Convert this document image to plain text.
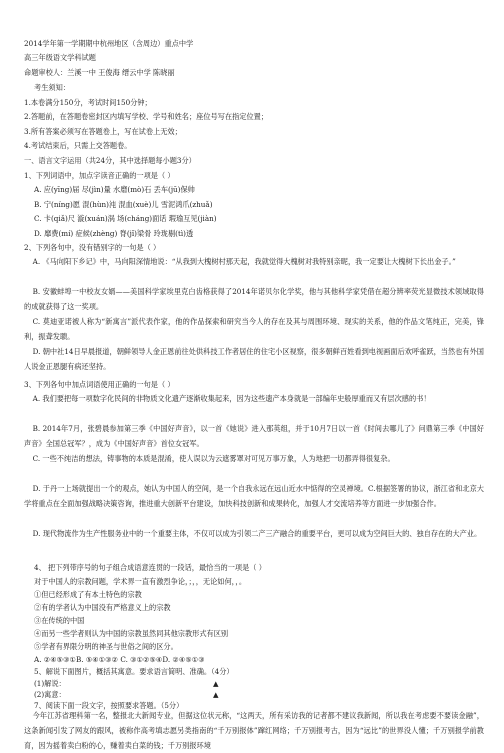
2014学年第一学期期中杭州地区（含周边）重点中学
高三年级语文学科试题
命题审校人：兰溪一中 王俊海 缙云中学 陈晓丽
考生须知：
1.本卷满分150分，考试时间150分钟；
2.答题前，在答题卷密封区内填写学校、学号和姓名；座位号写在指定位置；
3.所有答案必须写在答题卷上，写在试卷上无效；
4.考试结束后，只需上交答题卷。
一、语言文字运用（共24分，其中选择题每小题3分）
1、下列词语中，加点字读音正确的一项是（ ）
A. 应(yīng)届 尽(jìn)量 水磨(mò)石 丢车(jū)保帅
B. 宁(níng)愿 混(hùn)沌 混血(xuè)儿 雪泥鸿爪(zhuǎ)
C. 卡(qiǎ)尺 漩(xuán)涡 场(cháng)面话 瑕瑜互见(jiàn)
D. 靡费(mí) 症候(zhèng) 脊(jǐ)梁骨 玲珑剔(tì)透
2、下列各句中，没有错别字的一句是（ ）
A. 《马向阳下乡记》中，马向阳深情地说：“从我到大槐树村那天起，我就觉得大槐树对我特别亲昵，我一定要让大槐树下长出金子。”
B. 安徽蚌埠一中校友女婿——美国科学家埃里克白齿格获得了2014年诺贝尔化学奖，他与其他科学家凭借在超分辨率荧光显微技术领域取得的成就获得了这一奖项。
C. 莫迪亚诺被人称为“新寓言”派代表作家，他的作品探索和研究当今人的存在及其与周围环境、现实的关系，他的作品文笔纯正，完美，锋利，振聋发聩。
D. 朝中社14日早晨报道，朝鲜领导人金正恩前往处供科技工作者居住的住宅小区视察，很多朝鲜百姓看到电视画面后欢呼雀跃，当然也有外国人说金正恩腿有病还坚持。
3、下列各句中加点词语使用正确的一句是（ ）
A. 我们要把每一项数字化民间的非物质文化遗产逐渐收集起来，因为这些遗产本身就是一部编年史般厚重而又有层次感的书！
B. 2014年7月，张碧晨参加第三季《中国好声音》，以一首《她说》进入那英组，并于10月7日以一首《时间去哪儿了》问鼎第三季《中国好声音》全国总冠军？，成为《中国好声音》首位女冠军。
C. 一些不纯洁的想法，铸事物的本质是混淆，使人误以为云遮雾罩对可见万事万象，人为地把一切都弄得很复杂。
D. 于丹一上场就提出一个的观点，她认为中国人的空间，是一个自我永远在远山近水中惦得的空灵禅境。C.根据签署的协议，浙江省和北京大学将重点在全面加强战略决策咨询，推进重大创新平台建设，加快科技创新和成果转化，加强人才交流培养等方面进一步加强合作。
D. 现代物流作为生产性服务业中的一个重要主体，不仅可以成为引领二产三产融合的重要平台，更可以成为空间巨大的、独自存在的大产业。
4、 把下列带序号的句子组合成语意连贯的一段话，最恰当的一项是（ ）
对于中国人的宗教问题，学术界一直有激烈争论，；，，无论如何，，。
①但已经形成了有本土特色的宗教
②有的学者认为中国没有严格意义上的宗教
③在传统的中国
④而另一些学者则认为中国的宗教虽然同其他宗教形式有区别
⑤学者有界限分明的神圣与世俗之间的区分。
A. ②④⑤③①B. ⑤④①③② C. ③①②⑤④D. ②④⑤①③
5、解说下面图片，概括其寓意。要求语言简明、准确。（4分）
(1)解说：	▲
(2)寓意：	▲
7、阅读下面一段文字，按照要求答题。（5分）
今年江苏省理科第一名，整报北大新闻专业，但据这位状元称，“这两天，所有采访我的记者都不建议我新闻，所以我在考虑要不要读金融”，这条新闻引发了网友的跟风，被称作高考填志愿另类指南的“千万别报体”蹿红网络；千万别报考古，因为“远比”的世界没人懂；千万别报学前教育，因为摇着卖白粉的心，赚着卖白菜的钱；千万别报环境
